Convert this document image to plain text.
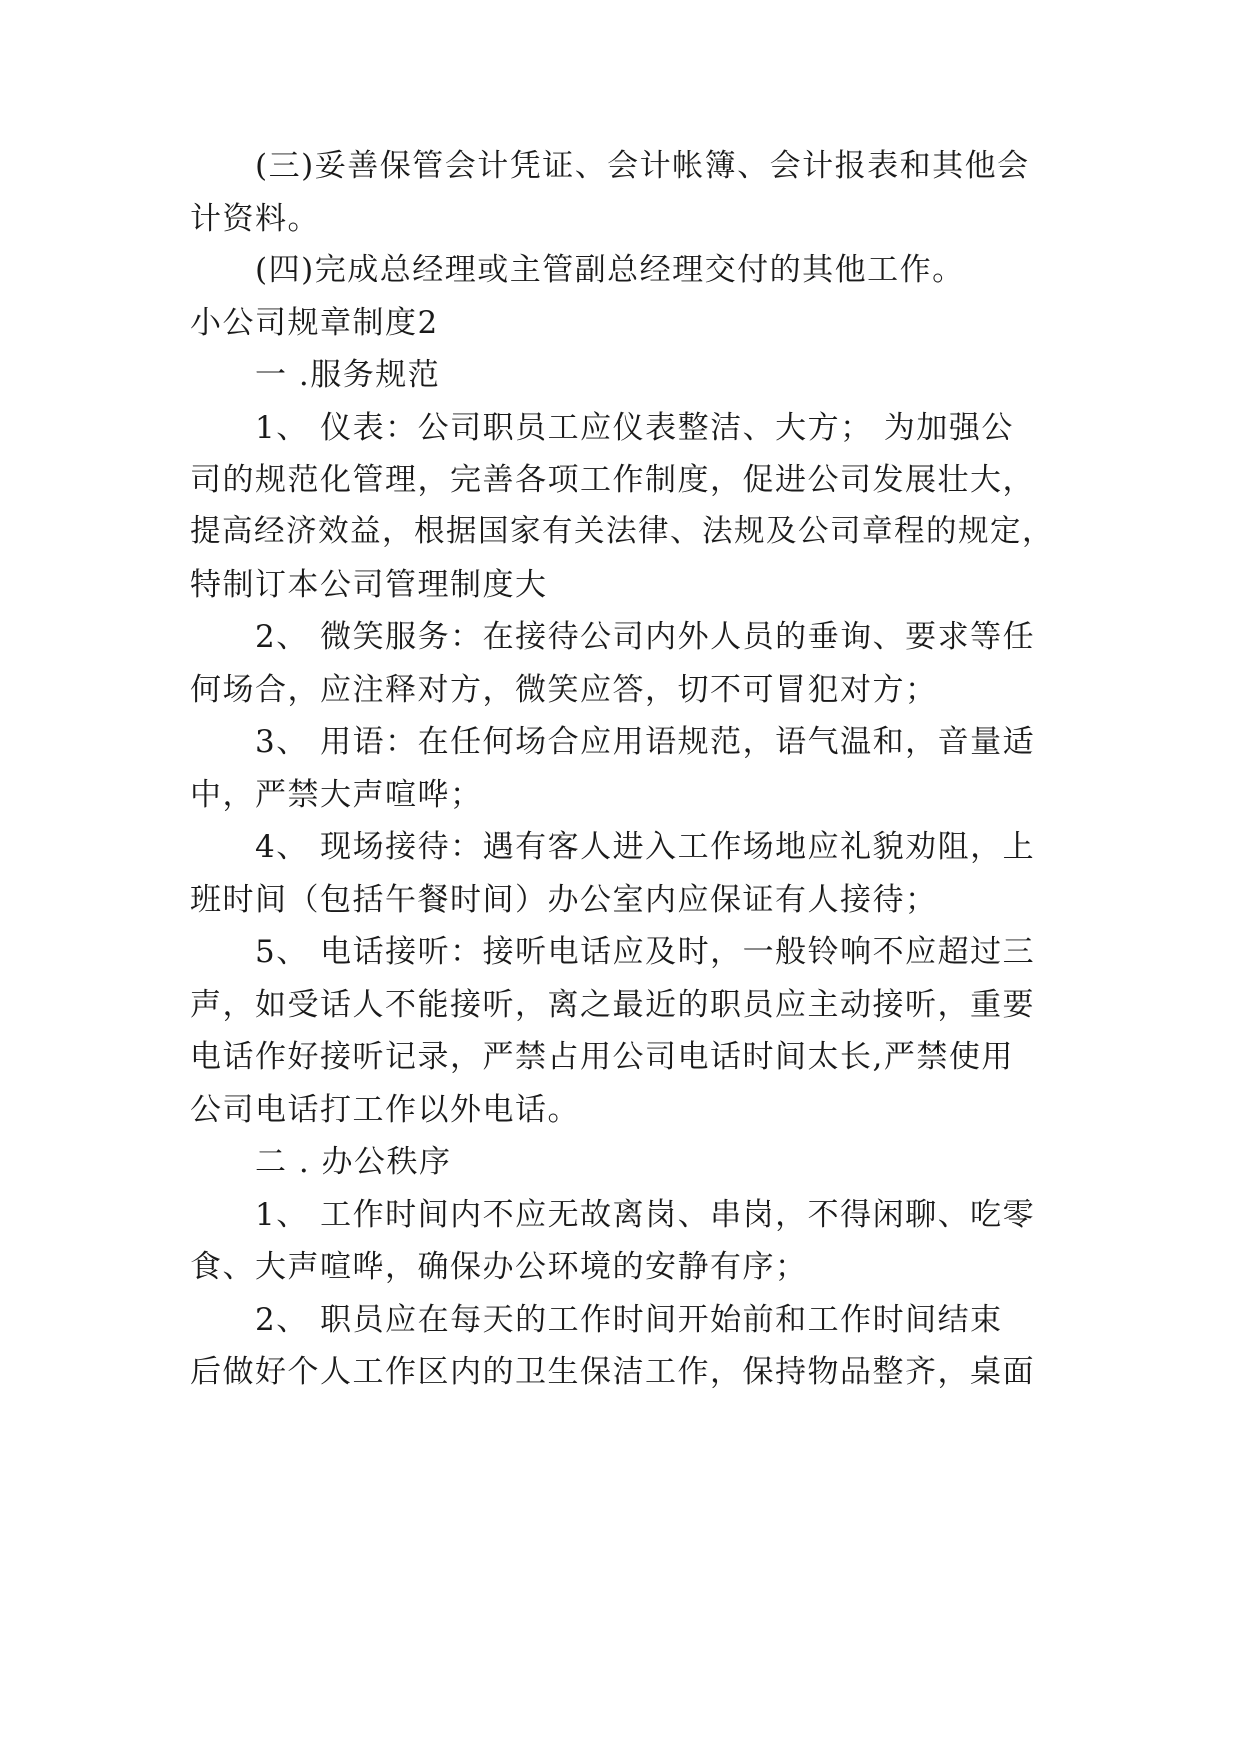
(三)妥善保管会计凭证、会计帐簿、会计报表和其他会
计资料。
(四)完成总经理或主管副总经理交付的其他工作。
小公司规章制度2
一 .服务规范
1、 仪表：公司职员工应仪表整洁、大方； 为加强公
司的规范化管理，完善各项工作制度，促进公司发展壮大，
提高经济效益，根据国家有关法律、法规及公司章程的规定，
特制订本公司管理制度大
2、 微笑服务：在接待公司内外人员的垂询、要求等任
何场合，应注释对方，微笑应答，切不可冒犯对方；
3、 用语：在任何场合应用语规范，语气温和，音量适
中，严禁大声喧哗；
4、 现场接待：遇有客人进入工作场地应礼貌劝阻，上
班时间（包括午餐时间）办公室内应保证有人接待；
5、 电话接听：接听电话应及时，一般铃响不应超过三
声，如受话人不能接听，离之最近的职员应主动接听，重要
电话作好接听记录，严禁占用公司电话时间太长,严禁使用
公司电话打工作以外电话。
二 . 办公秩序
1、 工作时间内不应无故离岗、串岗，不得闲聊、吃零
食、大声喧哗，确保办公环境的安静有序；
2、 职员应在每天的工作时间开始前和工作时间结束
后做好个人工作区内的卫生保洁工作，保持物品整齐，桌面
